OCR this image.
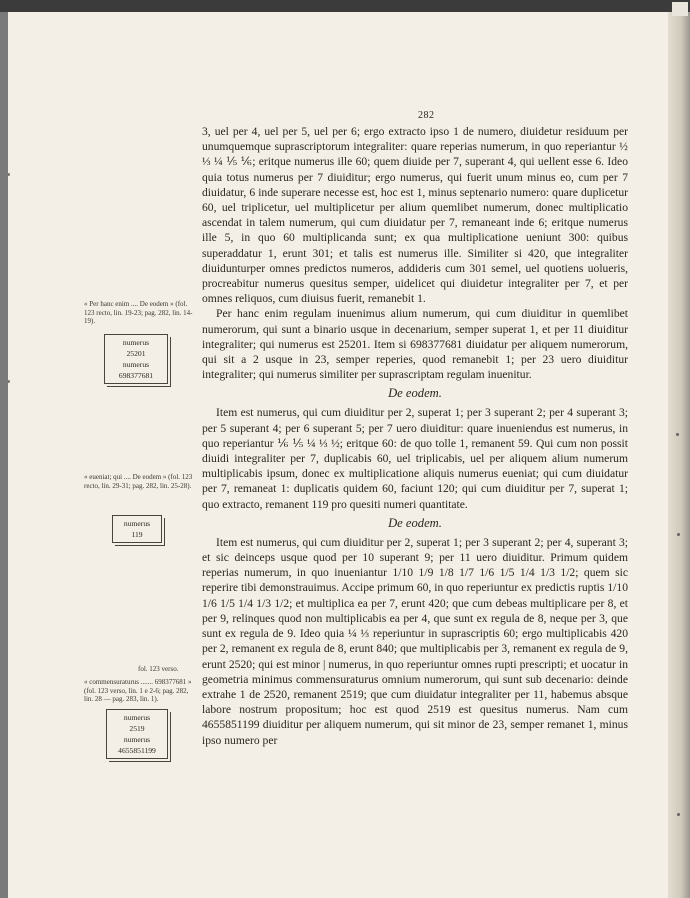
282

3, uel per 4, uel per 5, uel per 6; ergo extracto ipso 1 de numero, diuidetur residuum per unumquemque suprascriptorum integraliter: quare reperias numerum, in quo reperiantur ½ ⅓ ¼ ⅕ ⅙; eritque numerus ille 60; quem diuide per 7, superant 4, qui uellent esse 6. Ideo quia totus numerus per 7 diuiditur; ergo numerus, qui fuerit unum minus eo, cum per 7 diuidatur, 6 inde superare necesse est, hoc est 1, minus septenario numero: quare duplicetur 60, uel triplicetur, uel multiplicetur per alium quemlibet numerum, donec multiplicatio ascendat in talem numerum, qui cum diuidatur per 7, remaneant inde 6; eritque numerus ille 5, in quo 60 multiplicanda sunt; ex qua multiplicatione ueniunt 300: quibus superaddatur 1, erunt 301; et talis est numerus ille. Similiter si 420, que integraliter diuidunturper omnes predictos numeros, addideris cum 301 semel, uel quotiens uolueris, procreabitur numerus quesitus semper, uidelicet qui diuidetur integraliter per 7, et per omnes reliquos, cum diuisus fuerit, remanebit 1.

Per hanc enim regulam inuenimus alium numerum, qui cum diuiditur in quemlibet numerorum, qui sunt a binario usque in decenarium, semper superat 1, et per 11 diuiditur integraliter; qui numerus est 25201. Item si 698377681 diuidatur per aliquem numerorum, qui sit a 2 usque in 23, semper reperies, quod remanebit 1; per 23 uero diuiditur integraliter; qui numerus similiter per suprascriptam regulam inuenitur.

De eodem.

Item est numerus, qui cum diuiditur per 2, superat 1; per 3 superant 2; per 4 superant 3; per 5 superant 4; per 6 superant 5; per 7 uero diuiditur: quare inueniendus est numerus, in quo reperiantur ⅙ ⅕ ¼ ⅓ ½; eritque 60: de quo tolle 1, remanent 59. Qui cum non possit diuidi integraliter per 7, duplicabis 60, uel triplicabis, uel per aliquem alium numerum multiplicabis ipsum, donec ex multiplicatione aliquis numerus eueniat; qui cum diuidatur per 7, remaneat 1: duplicatis quidem 60, faciunt 120; qui cum diuiditur per 7, superat 1; quo extracto, remanent 119 pro quesiti numeri quantitate.

De eodem.

Item est numerus, qui cum diuiditur per 2, superat 1; per 3 superant 2; per 4, superant 3; et sic deinceps usque quod per 10 superant 9; per 11 uero diuiditur. Primum quidem reperias numerum, in quo inueniantur 1/10 1/9 1/8 1/7 1/6 1/5 1/4 1/3 1/2; quem sic reperire tibi demonstrauimus. Accipe primum 60, in quo reperiuntur ex predictis ruptis 1/10 1/6 1/5 1/4 1/3 1/2; et multiplica ea per 7, erunt 420; que cum debeas multiplicare per 8, et per 9, relinques quod non multiplicabis ea per 4, que sunt ex regula de 8, neque per 3, que sunt ex regula de 9. Ideo quia ¼ ⅓ reperiuntur in suprascriptis 60; ergo multiplicabis 420 per 2, remanent ex regula de 8, erunt 840; que multiplicabis per 3, remanent ex regula de 9, erunt 2520; qui est minor | numerus, in quo reperiuntur omnes rupti prescripti; et uocatur in geometria minimus commensuraturus omnium numerorum, qui sunt sub decenario: deinde extrahe 1 de 2520, remanent 2519; que cum diuidatur integraliter per 11, habemus absque labore nostrum propositum; hoc est quod 2519 est quesitus numerus. Nam cum 4655851199 diuiditur per aliquem numerum, qui sit minor de 23, semper remanet 1, minus ipso numero per

« Per hanc enim .... De eodem » (fol. 123 recto, lin. 19-23; pag. 282, lin. 14-19).
numerus
25201
numerus
698377681
« eueniat; qui .... De eodem » (fol. 123 recto, lin. 29-31; pag. 282, lin. 25-28).
numerus
119
fol. 123 verso.
« commensuraturus ....... 698377681 » (fol. 123 verso, lin. 1 e 2-6; pag. 282, lin. 28 — pag. 283, lin. 1).
numerus
2519
numerus
4655851199
